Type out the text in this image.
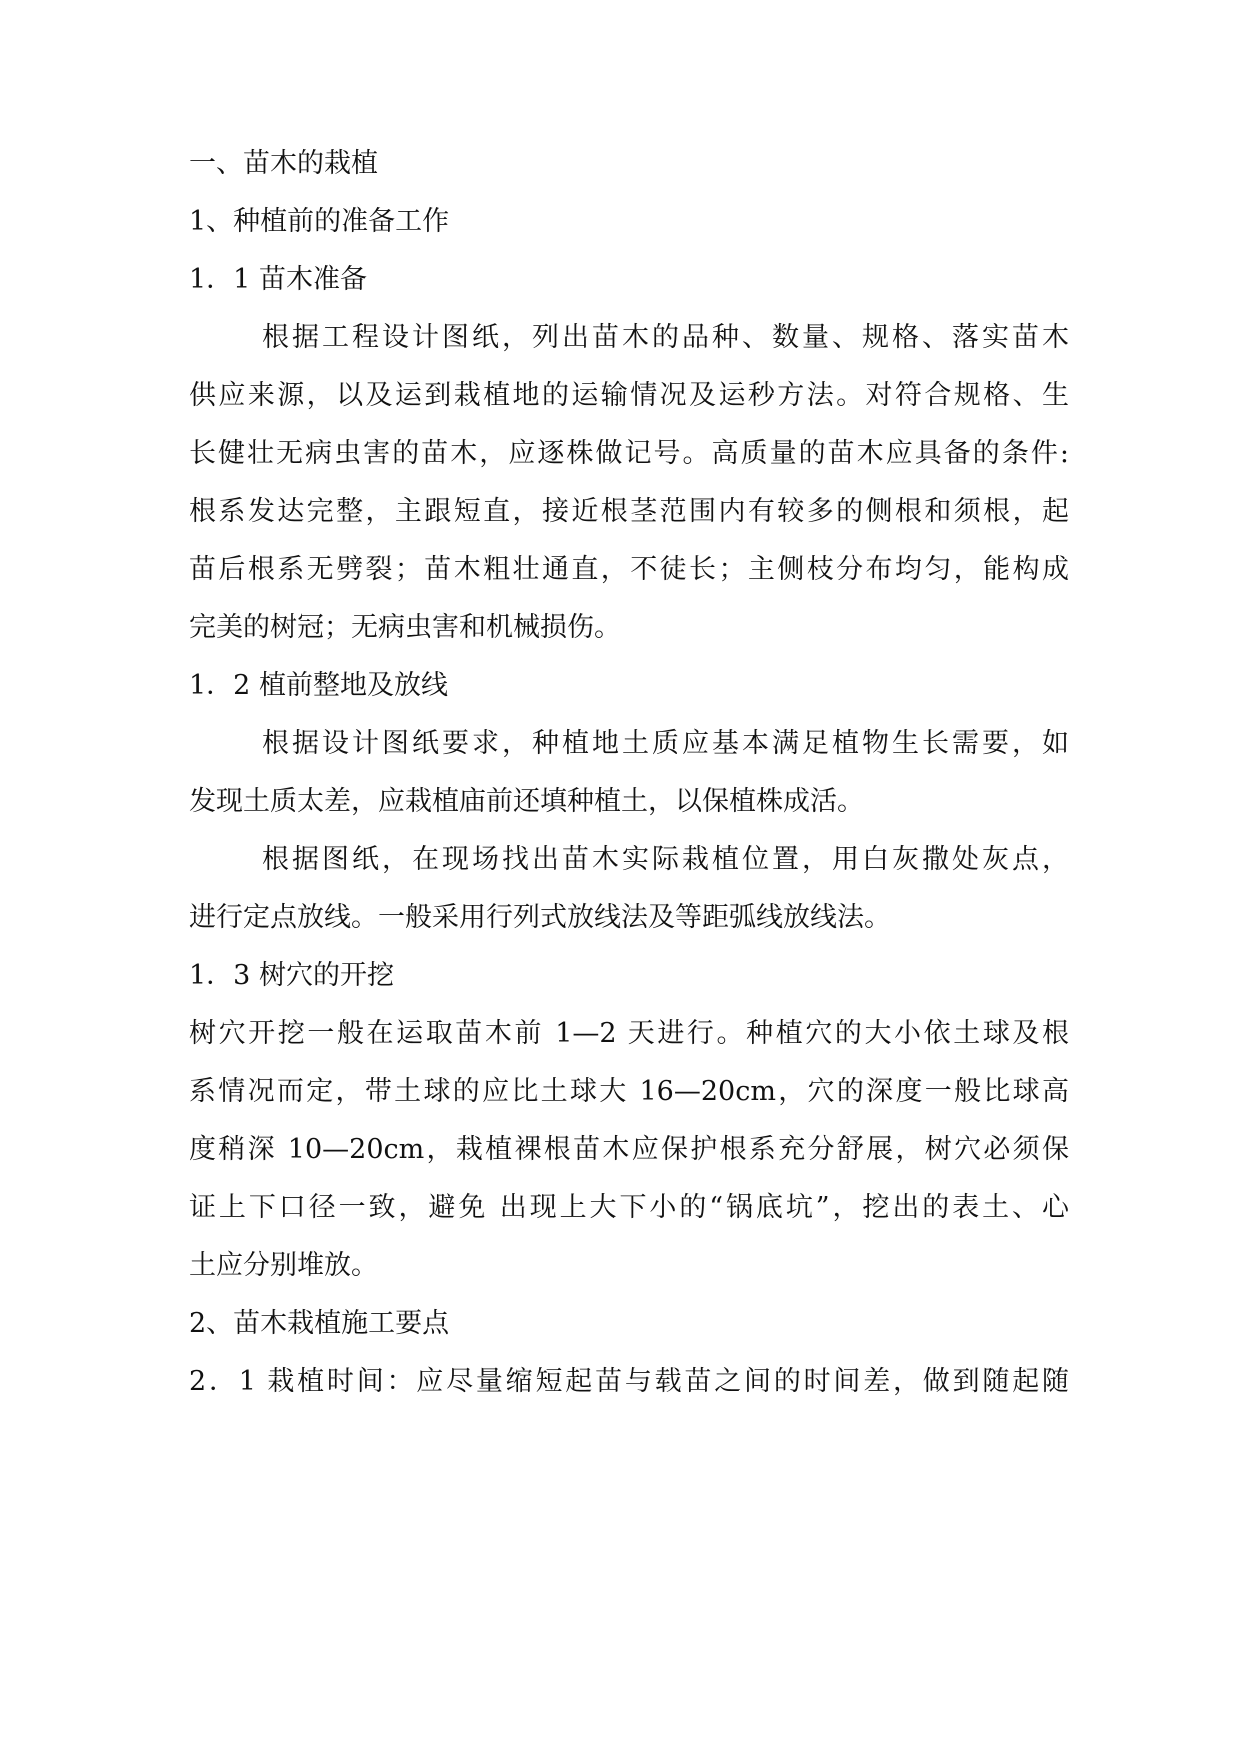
一、苗木的栽植
1、种植前的准备工作
1．1 苗木准备
根据工程设计图纸，列出苗木的品种、数量、规格、落实苗木
供应来源，以及运到栽植地的运输情况及运秒方法。对符合规格、生
长健壮无病虫害的苗木，应逐株做记号。高质量的苗木应具备的条件:
根系发达完整，主跟短直，接近根茎范围内有较多的侧根和须根，起
苗后根系无劈裂；苗木粗壮通直，不徒长；主侧枝分布均匀，能构成
完美的树冠；无病虫害和机械损伤。
1．2 植前整地及放线
根据设计图纸要求，种植地土质应基本满足植物生长需要，如
发现土质太差，应栽植庙前还填种植土，以保植株成活。
根据图纸，在现场找出苗木实际栽植位置，用白灰撒处灰点，
进行定点放线。一般采用行列式放线法及等距弧线放线法。
1．3 树穴的开挖
树穴开挖一般在运取苗木前 1—2 天进行。种植穴的大小依土球及根
系情况而定，带土球的应比土球大 16—20cm，穴的深度一般比球高
度稍深 10—20cm，栽植裸根苗木应保护根系充分舒展，树穴必须保
证上下口径一致，避免 出现上大下小的“锅底坑”，挖出的表土、心
土应分别堆放。
2、苗木栽植施工要点
2．1 栽植时间：应尽量缩短起苗与载苗之间的时间差，做到随起随
